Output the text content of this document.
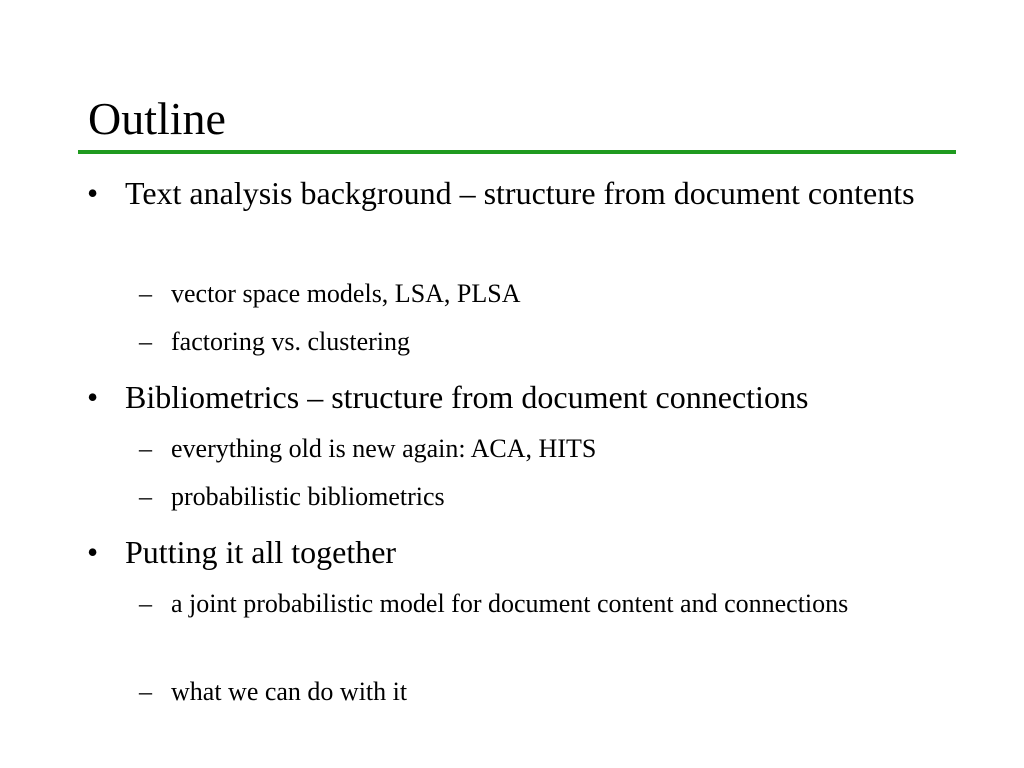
Outline

• Text analysis background – structure from document contents

– vector space models, LSA, PLSA

– factoring vs. clustering

• Bibliometrics – structure from document connections

– everything old is new again: ACA, HITS

– probabilistic bibliometrics

• Putting it all together

– a joint probabilistic model for document content and connections

– what we can do with it
